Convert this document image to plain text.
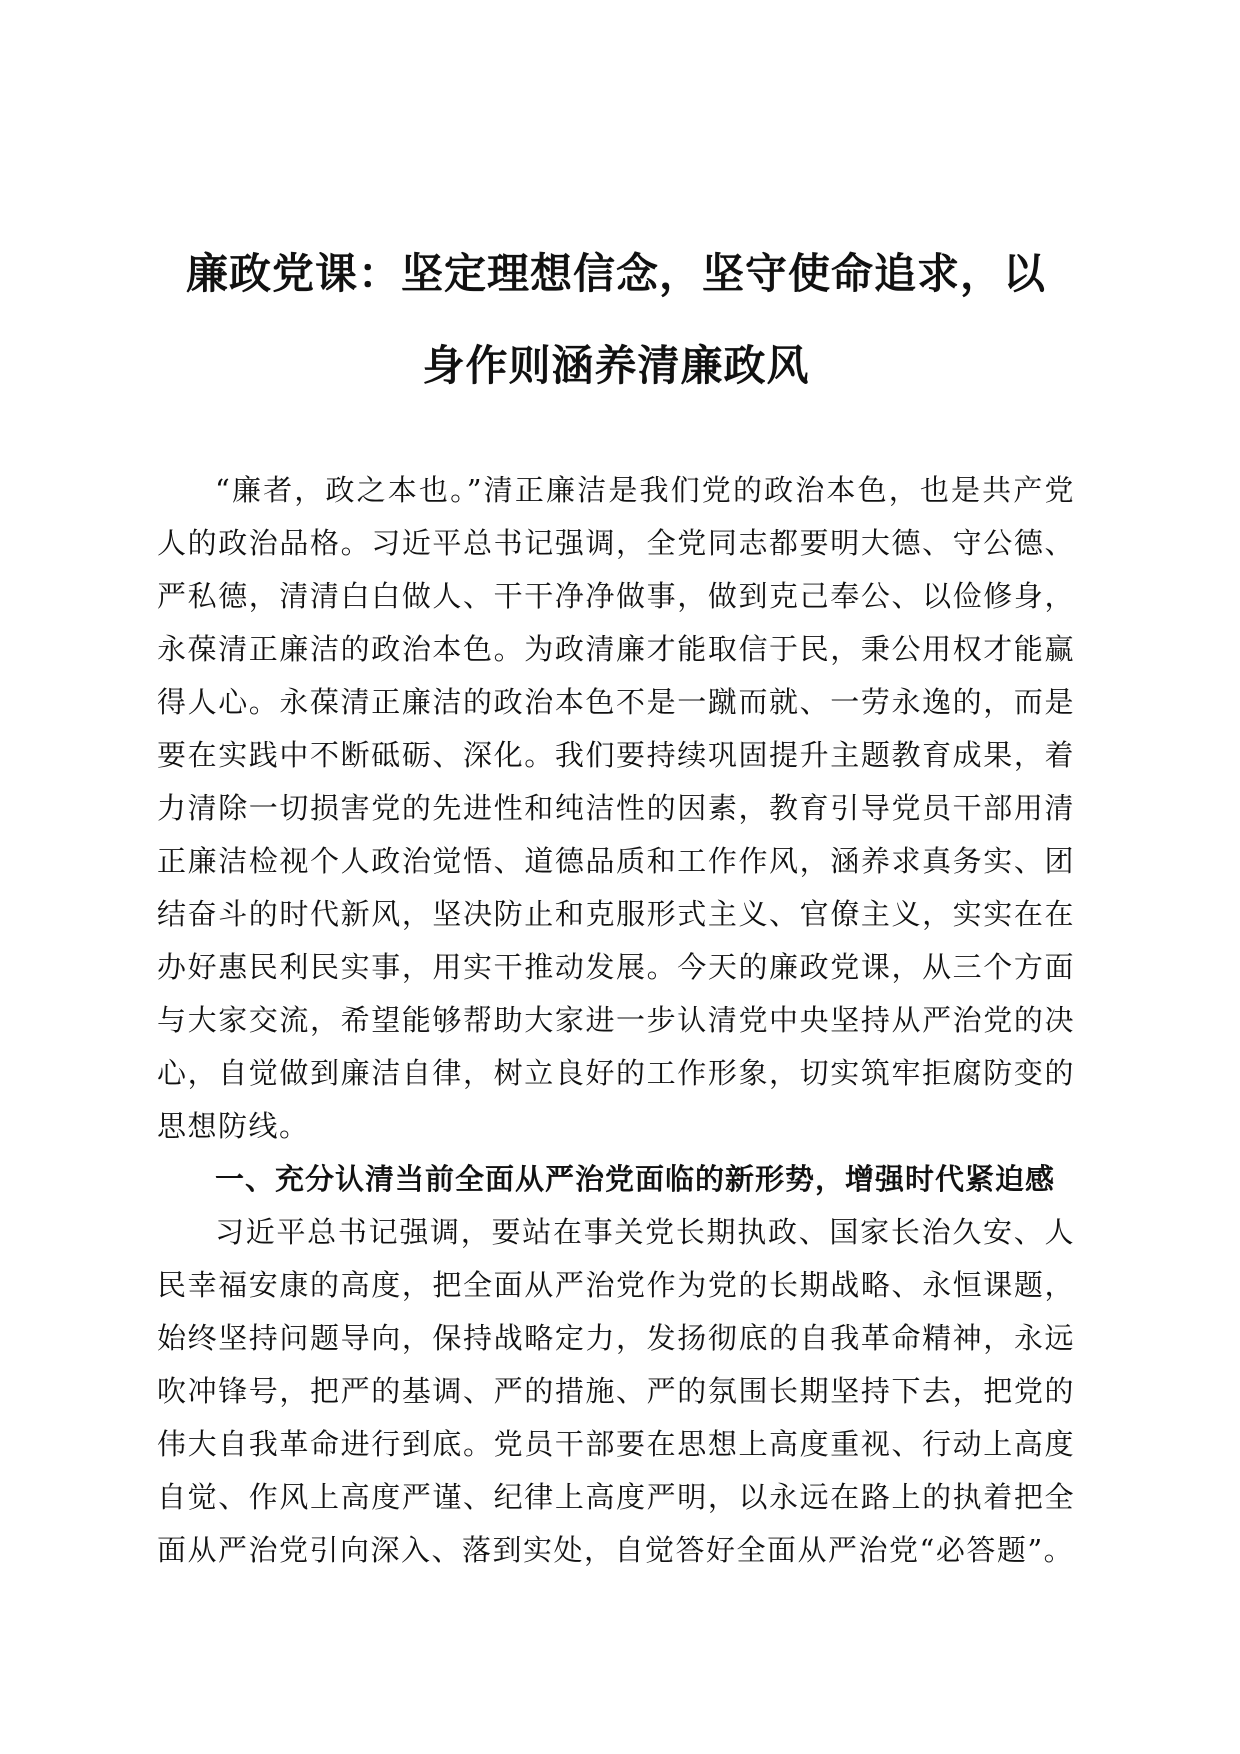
廉政党课：坚定理想信念，坚守使命追求，以
身作则涵养清廉政风

“廉者，政之本也。”清正廉洁是我们党的政治本色，也是共产党人的政治品格。习近平总书记强调，全党同志都要明大德、守公德、严私德，清清白白做人、干干净净做事，做到克己奉公、以俭修身，永葆清正廉洁的政治本色。为政清廉才能取信于民，秉公用权才能赢得人心。永葆清正廉洁的政治本色不是一蹴而就、一劳永逸的，而是要在实践中不断砥砺、深化。我们要持续巩固提升主题教育成果，着力清除一切损害党的先进性和纯洁性的因素，教育引导党员干部用清正廉洁检视个人政治觉悟、道德品质和工作作风，涵养求真务实、团结奋斗的时代新风，坚决防止和克服形式主义、官僚主义，实实在在办好惠民利民实事，用实干推动发展。今天的廉政党课，从三个方面与大家交流，希望能够帮助大家进一步认清党中央坚持从严治党的决心，自觉做到廉洁自律，树立良好的工作形象，切实筑牢拒腐防变的思想防线。

一、充分认清当前全面从严治党面临的新形势，增强时代紧迫感

习近平总书记强调，要站在事关党长期执政、国家长治久安、人民幸福安康的高度，把全面从严治党作为党的长期战略、永恒课题，始终坚持问题导向，保持战略定力，发扬彻底的自我革命精神，永远吹冲锋号，把严的基调、严的措施、严的氛围长期坚持下去，把党的伟大自我革命进行到底。党员干部要在思想上高度重视、行动上高度自觉、作风上高度严谨、纪律上高度严明，以永远在路上的执着把全面从严治党引向深入、落到实处，自觉答好全面从严治党“必答题”。
